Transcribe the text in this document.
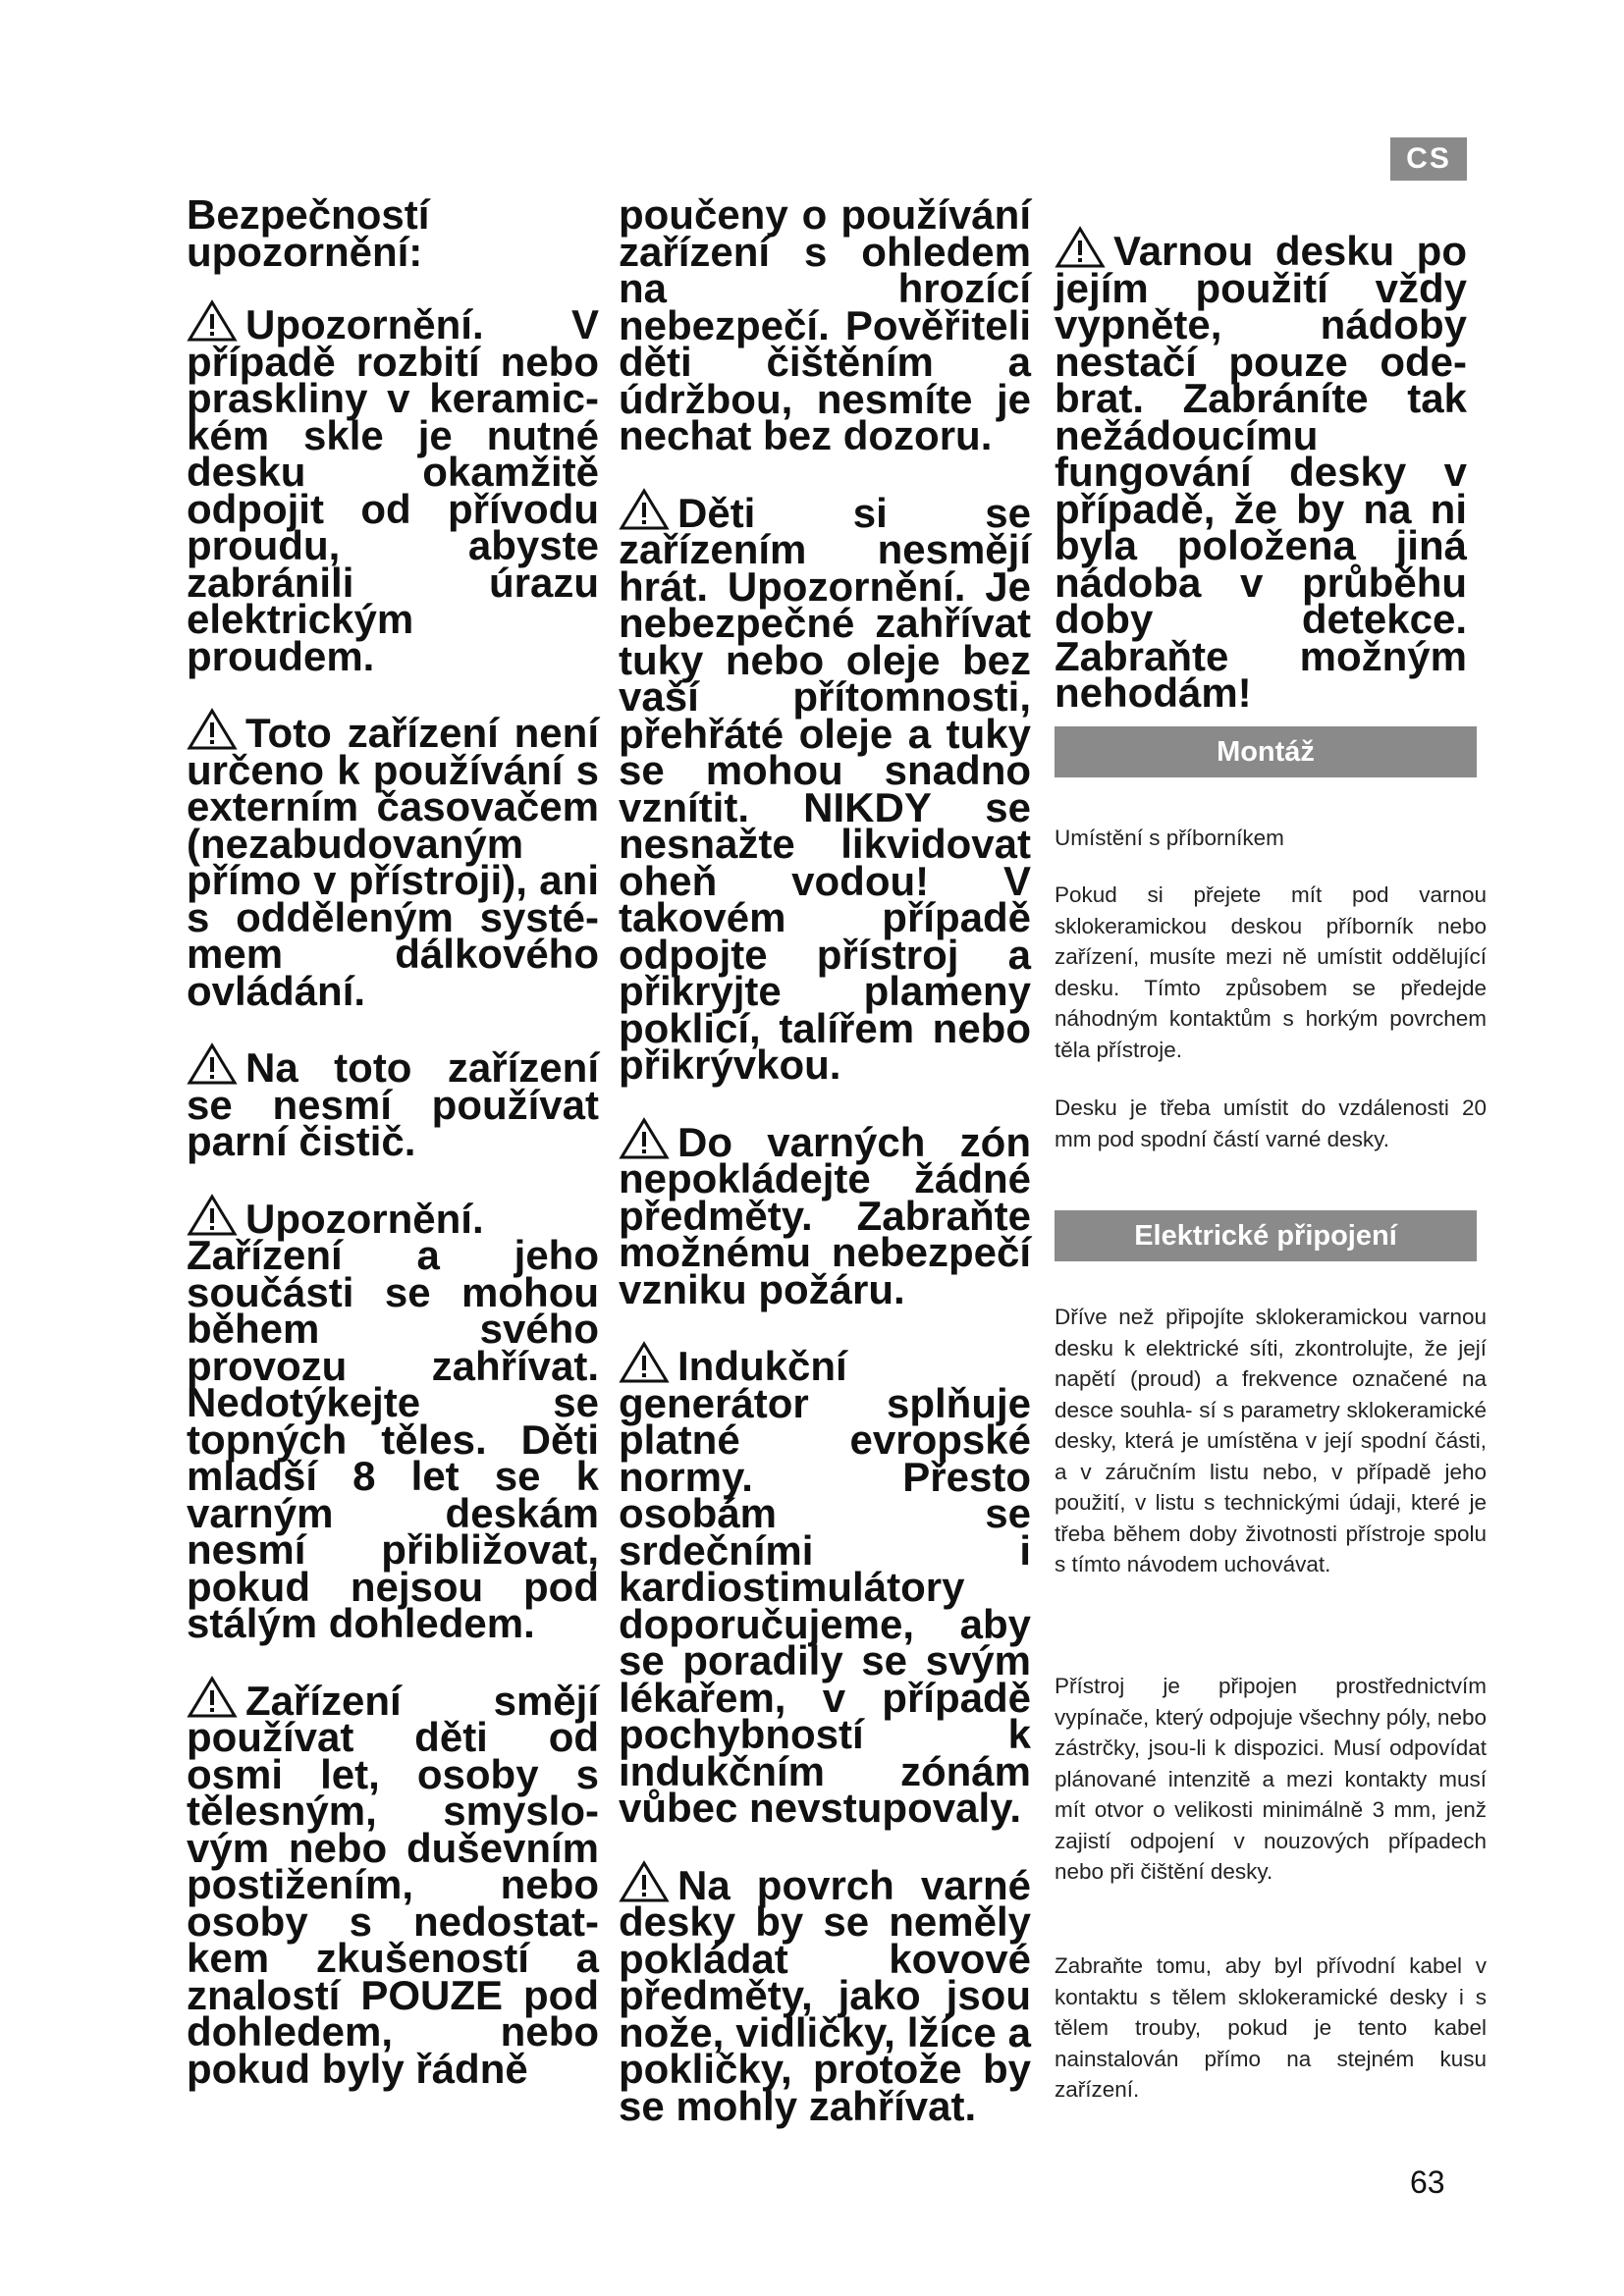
CS

Bezpečností upozornění:

Upozornění. V případě rozbití nebo praskliny v keramic- kém skle je nutné desku okamžitě odpojit od přívodu proudu, abyste zabránili úrazu elektrickým proudem.
Toto zařízení není určeno k používání s externím časovačem (nezabudovaným přímo v přístroji), ani s odděleným systé- mem dálkového ovládání.
Na toto zařízení se nesmí používat parní čistič.
Upozornění. Zařízení a jeho součásti se mohou během svého provozu zahřívat. Nedotýkejte se topných těles. Děti mladší 8 let se k varným deskám nesmí přibližovat, pokud nejsou pod stálým dohledem.
Zařízení smějí používat děti od osmi let, osoby s tělesným, smyslo- vým nebo duševním postižením, nebo osoby s nedostat- kem zkušeností a znalostí POUZE pod dohledem, nebo pokud byly řádně

poučeny o používání zařízení s ohledem na hrozící nebezpečí. Pověřiteli děti čištěním a údržbou, nesmíte je nechat bez dozoru.

Děti si se zařízením nesmějí hrát. Upozornění. Je nebezpečné zahřívat tuky nebo oleje bez vaší přítomnosti, přehřáté oleje a tuky se mohou snadno vznítit. NIKDY se nesnažte likvidovat oheň vodou! V takovém případě odpojte přístroj a přikryjte plameny poklicí, talířem nebo přikrývkou.
Do varných zón nepokládejte žádné předměty. Zabraňte možnému nebezpečí vzniku požáru.
Indukční generátor splňuje platné evropské normy. Přesto osobám se srdečními i kardiostimulátory doporučujeme, aby se poradily se svým lékařem, v případě pochybností k indukčním zónám vůbec nevstupovaly.
Na povrch varné desky by se neměly pokládat kovové předměty, jako jsou nože, vidličky, lžíce a pokličky, protože by se mohly zahřívat.
Varnou desku po jejím použití vždy vypněte, nádoby nestačí pouze ode- brat. Zabráníte tak nežádoucímu fungování desky v případě, že by na ni byla položena jiná nádoba v průběhu doby detekce. Zabraňte možným nehodám!
Montáž
Umístění s příborníkem
Pokud si přejete mít pod varnou sklokeramickou deskou příborník nebo zařízení, musíte mezi ně umístit oddělující desku. Tímto způsobem se předejde náhodným kontaktům s horkým povrchem těla přístroje.
Desku je třeba umístit do vzdálenosti 20 mm pod spodní částí varné desky.
Elektrické připojení
Dříve než připojíte sklokeramickou varnou desku k elektrické síti, zkontrolujte, že její napětí (proud) a frekvence označené na desce souhla- sí s parametry sklokeramické desky, která je umístěna v její spodní části, a v záručním listu nebo, v případě jeho použití, v listu s technickými údaji, které je třeba během doby životnosti přístroje spolu s tímto návodem uchovávat.
Přístroj je připojen prostřednictvím vypínače, který odpojuje všechny póly, nebo zástrčky, jsou-li k dispozici. Musí odpovídat plánované intenzitě a mezi kontakty musí mít otvor o velikosti minimálně 3 mm, jenž zajistí odpojení v nouzových případech nebo při čištění desky.
Zabraňte tomu, aby byl přívodní kabel v kontaktu s tělem sklokeramické desky i s tělem trouby, pokud je tento kabel nainstalován přímo na stejném kusu zařízení.
63
